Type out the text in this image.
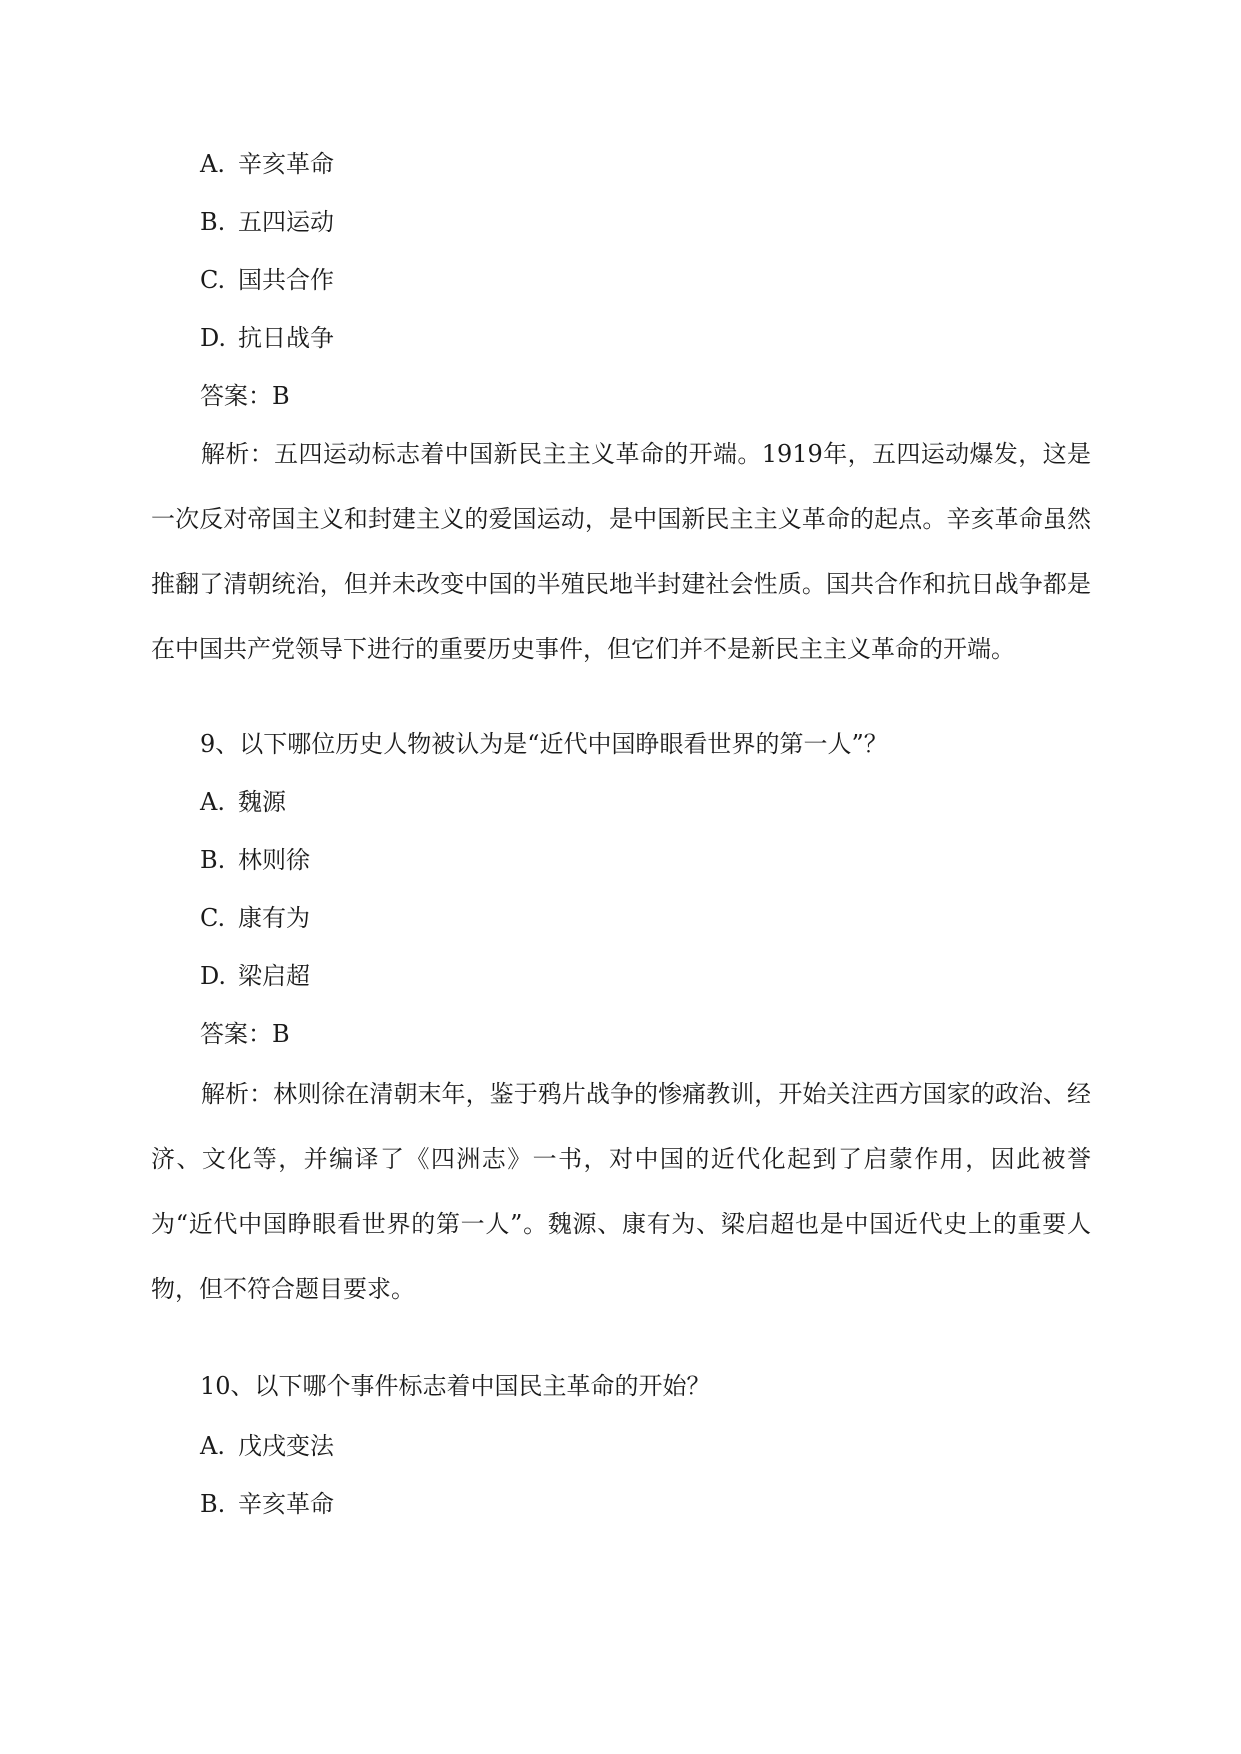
A. 辛亥革命
B. 五四运动
C. 国共合作
D. 抗日战争
答案：B
解析：五四运动标志着中国新民主主义革命的开端。1919年，五四运动爆发，这是一次反对帝国主义和封建主义的爱国运动，是中国新民主主义革命的起点。辛亥革命虽然推翻了清朝统治，但并未改变中国的半殖民地半封建社会性质。国共合作和抗日战争都是在中国共产党领导下进行的重要历史事件，但它们并不是新民主主义革命的开端。
9、以下哪位历史人物被认为是“近代中国睁眼看世界的第一人”？
A. 魏源
B. 林则徐
C. 康有为
D. 梁启超
答案：B
解析：林则徐在清朝末年，鉴于鸦片战争的惨痛教训，开始关注西方国家的政治、经济、文化等，并编译了《四洲志》一书，对中国的近代化起到了启蒙作用，因此被誉为“近代中国睁眼看世界的第一人”。魏源、康有为、梁启超也是中国近代史上的重要人物，但不符合题目要求。
10、以下哪个事件标志着中国民主革命的开始？
A. 戊戌变法
B. 辛亥革命
